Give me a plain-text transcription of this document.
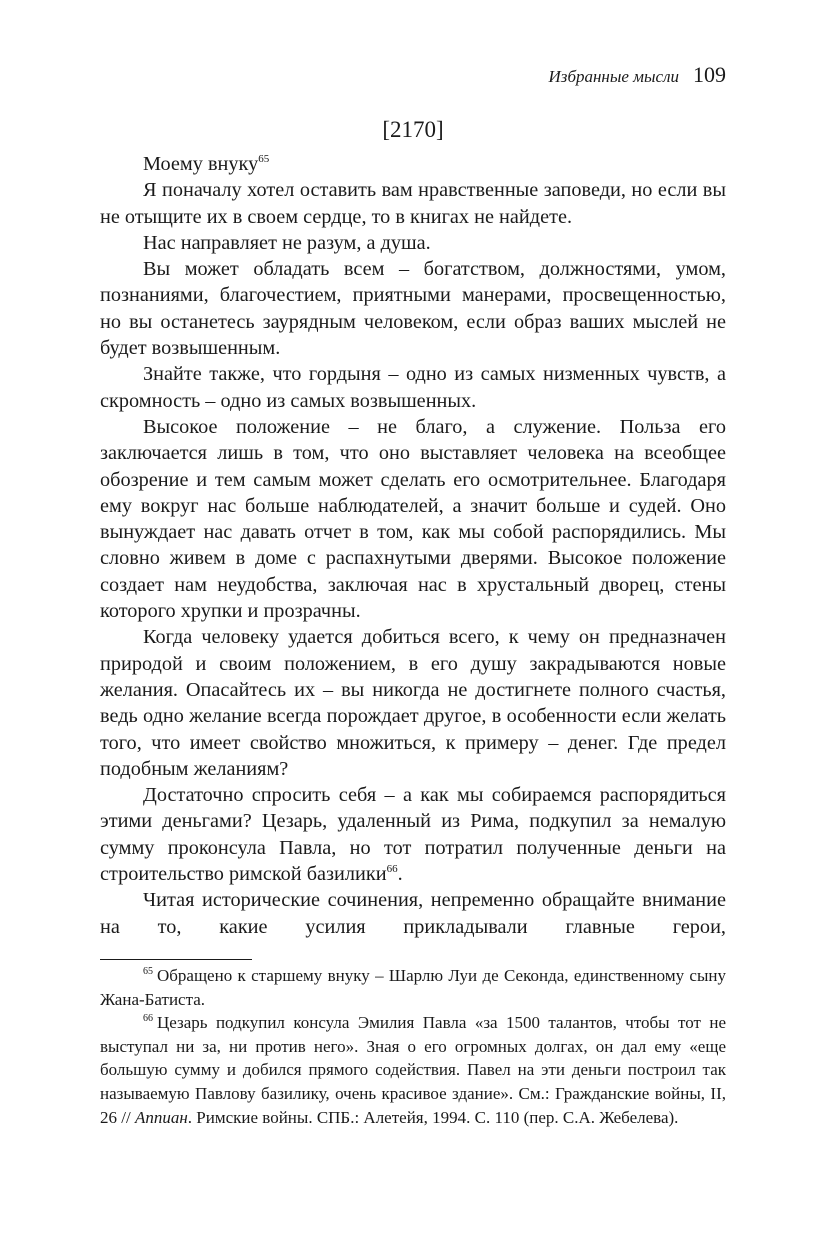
Избранные мысли 109
[2170]

Моему внуку$^{65}$

Я поначалу хотел оставить вам нравственные заповеди, но если вы не отыщите их в своем сердце, то в книгах не найдете.

Нас направляет не разум, а душа.

Вы может обладать всем – богатством, должностями, умом, познаниями, благочестием, приятными манерами, просвещенностью, но вы останетесь заурядным человеком, если образ ваших мыслей не будет возвышенным.

Знайте также, что гордыня – одно из самых низменных чувств, а скромность – одно из самых возвышенных.

Высокое положение – не благо, а служение. Польза его заключается лишь в том, что оно выставляет человека на всеобщее обозрение и тем самым может сделать его осмотрительнее. Благодаря ему вокруг нас больше наблюдателей, а значит больше и судей. Оно вынуждает нас давать отчет в том, как мы собой распорядились. Мы словно живем в доме с распахнутыми дверями. Высокое положение создает нам неудобства, заключая нас в хрустальный дворец, стены которого хрупки и прозрачны.

Когда человеку удается добиться всего, к чему он предназначен природой и своим положением, в его душу закрадываются новые желания. Опасайтесь их – вы никогда не достигнете полного счастья, ведь одно желание всегда порождает другое, в особенности если желать того, что имеет свойство множиться, к примеру – денег. Где предел подобным желаниям?

Достаточно спросить себя – а как мы собираемся распорядиться этими деньгами? Цезарь, удаленный из Рима, подкупил за немалую сумму проконсула Павла, но тот потратил полученные деньги на строительство римской базилики$^{66}$.

Читая исторические сочинения, непременно обращайте внимание на то, какие усилия прикладывали главные герои,

$^{65}$ Обращено к старшему внуку – Шарлю Луи де Секонда, единственному сыну Жана-Батиста.

$^{66}$ Цезарь подкупил консула Эмилия Павла «за 1500 талантов, чтобы тот не выступал ни за, ни против него». Зная о его огромных долгах, он дал ему «еще большую сумму и добился прямого содействия. Павел на эти деньги построил так называемую Павлову базилику, очень красивое здание». См.: Гражданские войны, II, 26 // Аппиан. Римские войны. СПБ.: Алетейя, 1994. С. 110 (пер. С.А. Жебелева).
